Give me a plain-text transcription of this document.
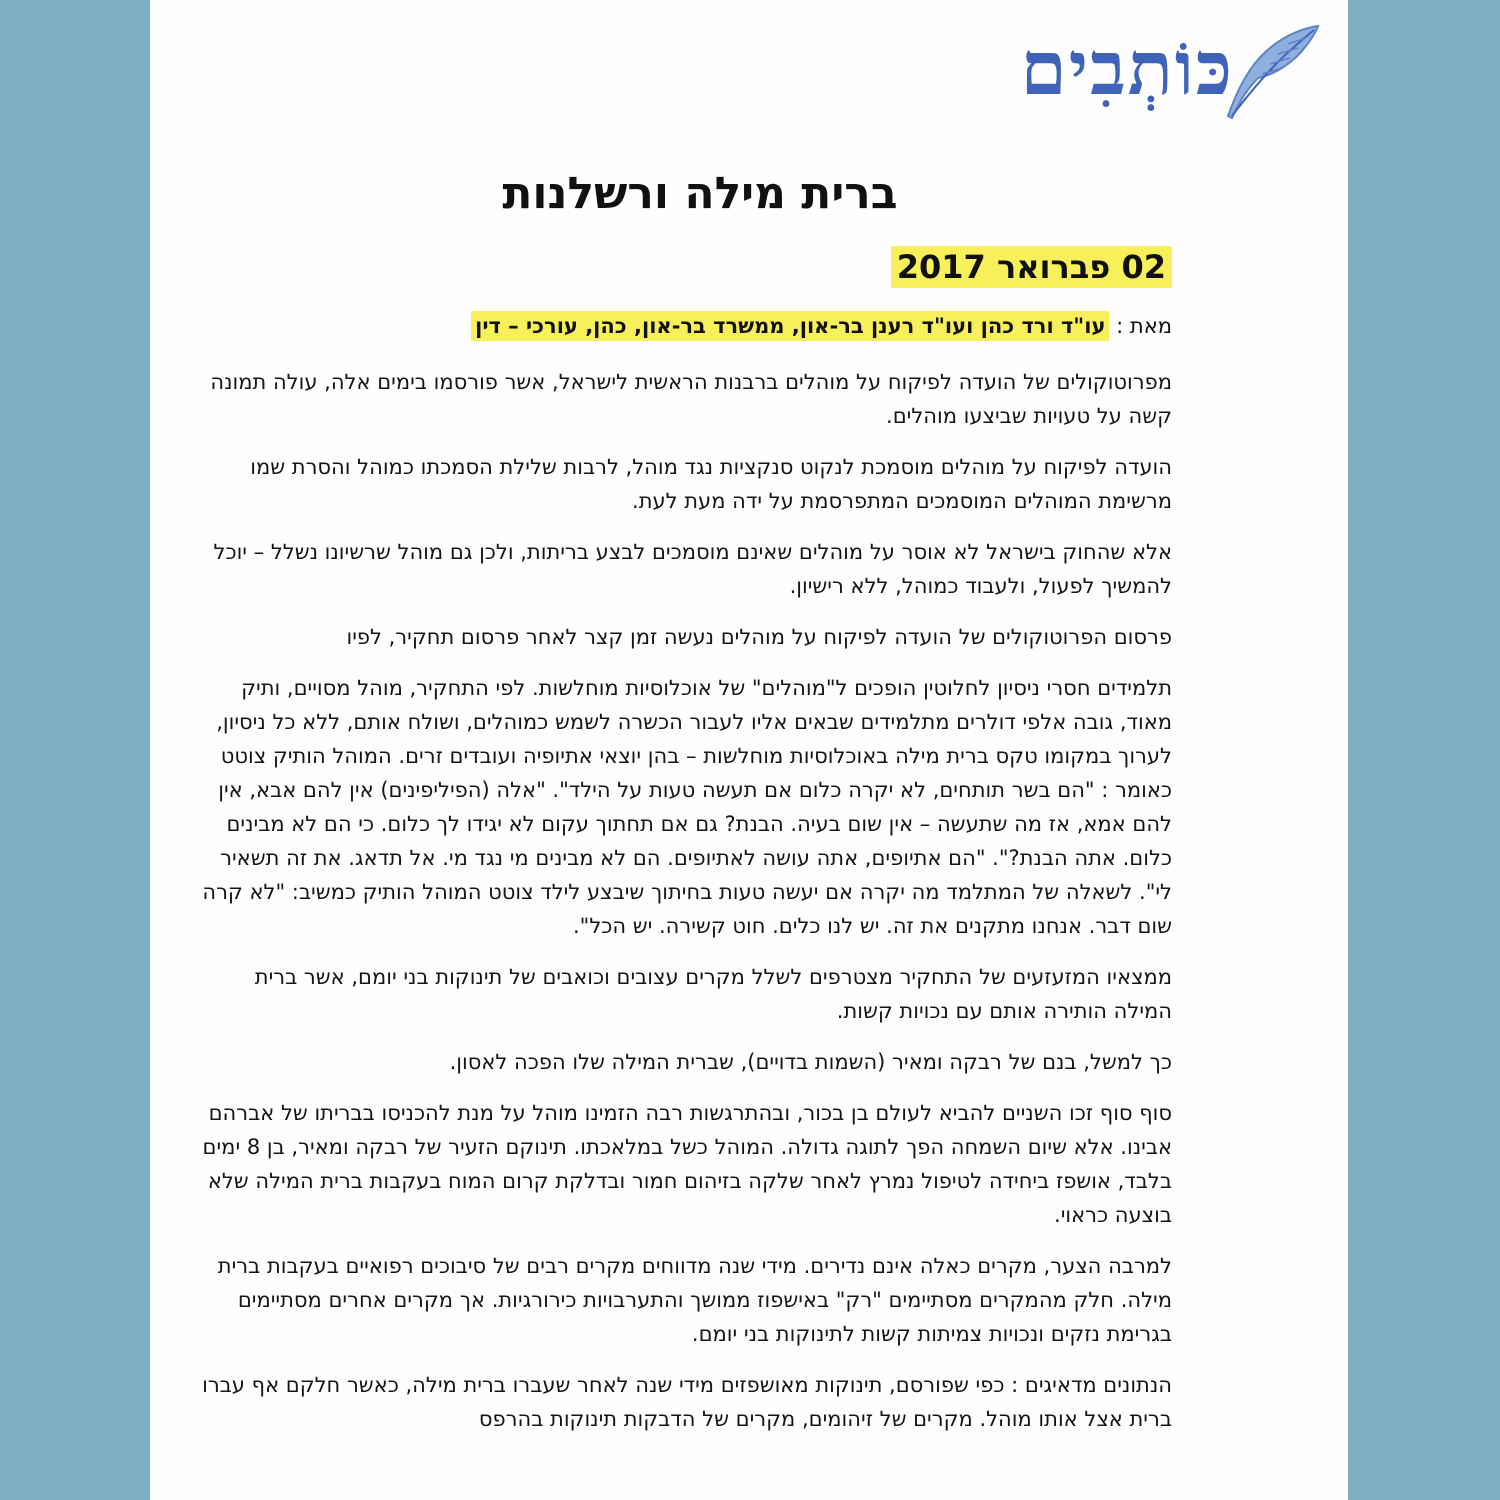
כּוֹתְבִים
ברית מילה ורשלנות
02 פברואר 2017
מאת : עו"ד ורד כהן ועו"ד רענן בר-און, ממשרד בר-און, כהן, עורכי – דין

מפרוטוקולים של הועדה לפיקוח על מוהלים ברבנות הראשית לישראל, אשר פורסמו בימים אלה, עולה תמונה קשה על טעויות שביצעו מוהלים.

הועדה לפיקוח על מוהלים מוסמכת לנקוט סנקציות נגד מוהל, לרבות שלילת הסמכתו כמוהל והסרת שמו מרשימת המוהלים המוסמכים המתפרסמת על ידה מעת לעת.

אלא שהחוק בישראל לא אוסר על מוהלים שאינם מוסמכים לבצע בריתות, ולכן גם מוהל שרשיונו נשלל – יוכל להמשיך לפעול, ולעבוד כמוהל, ללא רישיון.

פרסום הפרוטוקולים של הועדה לפיקוח על מוהלים נעשה זמן קצר לאחר פרסום תחקיר, לפיו

תלמידים חסרי ניסיון לחלוטין הופכים ל"מוהלים" של אוכלוסיות מוחלשות. לפי התחקיר, מוהל מסויים, ותיק מאוד, גובה אלפי דולרים מתלמידים שבאים אליו לעבור הכשרה לשמש כמוהלים, ושולח אותם, ללא כל ניסיון, לערוך במקומו טקס ברית מילה באוכלוסיות מוחלשות – בהן יוצאי אתיופיה ועובדים זרים. המוהל הותיק צוטט כאומר : "הם בשר תותחים, לא יקרה כלום אם תעשה טעות על הילד". "אלה (הפיליפינים) אין להם אבא, אין להם אמא, אז מה שתעשה – אין שום בעיה. הבנת? גם אם תחתוך עקום לא יגידו לך כלום. כי הם לא מבינים כלום. אתה הבנת?". "הם אתיופים, אתה עושה לאתיופים. הם לא מבינים מי נגד מי. אל תדאג. את זה תשאיר לי". לשאלה של המתלמד מה יקרה אם יעשה טעות בחיתוך שיבצע לילד צוטט המוהל הותיק כמשיב: "לא קרה שום דבר. אנחנו מתקנים את זה. יש לנו כלים. חוט קשירה. יש הכל".

ממצאיו המזעזעים של התחקיר מצטרפים לשלל מקרים עצובים וכואבים של תינוקות בני יומם, אשר ברית המילה הותירה אותם עם נכויות קשות.

כך למשל, בנם של רבקה ומאיר (השמות בדויים), שברית המילה שלו הפכה לאסון.

סוף סוף זכו השניים להביא לעולם בן בכור, ובהתרגשות רבה הזמינו מוהל על מנת להכניסו בבריתו של אברהם אבינו. אלא שיום השמחה הפך לתוגה גדולה. המוהל כשל במלאכתו. תינוקם הזעיר של רבקה ומאיר, בן 8 ימים בלבד, אושפז ביחידה לטיפול נמרץ לאחר שלקה בזיהום חמור ובדלקת קרום המוח בעקבות ברית המילה שלא בוצעה כראוי.

למרבה הצער, מקרים כאלה אינם נדירים. מידי שנה מדווחים מקרים רבים של סיבוכים רפואיים בעקבות ברית מילה. חלק מהמקרים מסתיימים "רק" באישפוז ממושך והתערבויות כירורגיות. אך מקרים אחרים מסתיימים בגרימת נזקים ונכויות צמיתות קשות לתינוקות בני יומם.

הנתונים מדאיגים : כפי שפורסם, תינוקות מאושפזים מידי שנה לאחר שעברו ברית מילה, כאשר חלקם אף עברו ברית אצל אותו מוהל. מקרים של זיהומים, מקרים של הדבקות תינוקות בהרפס
